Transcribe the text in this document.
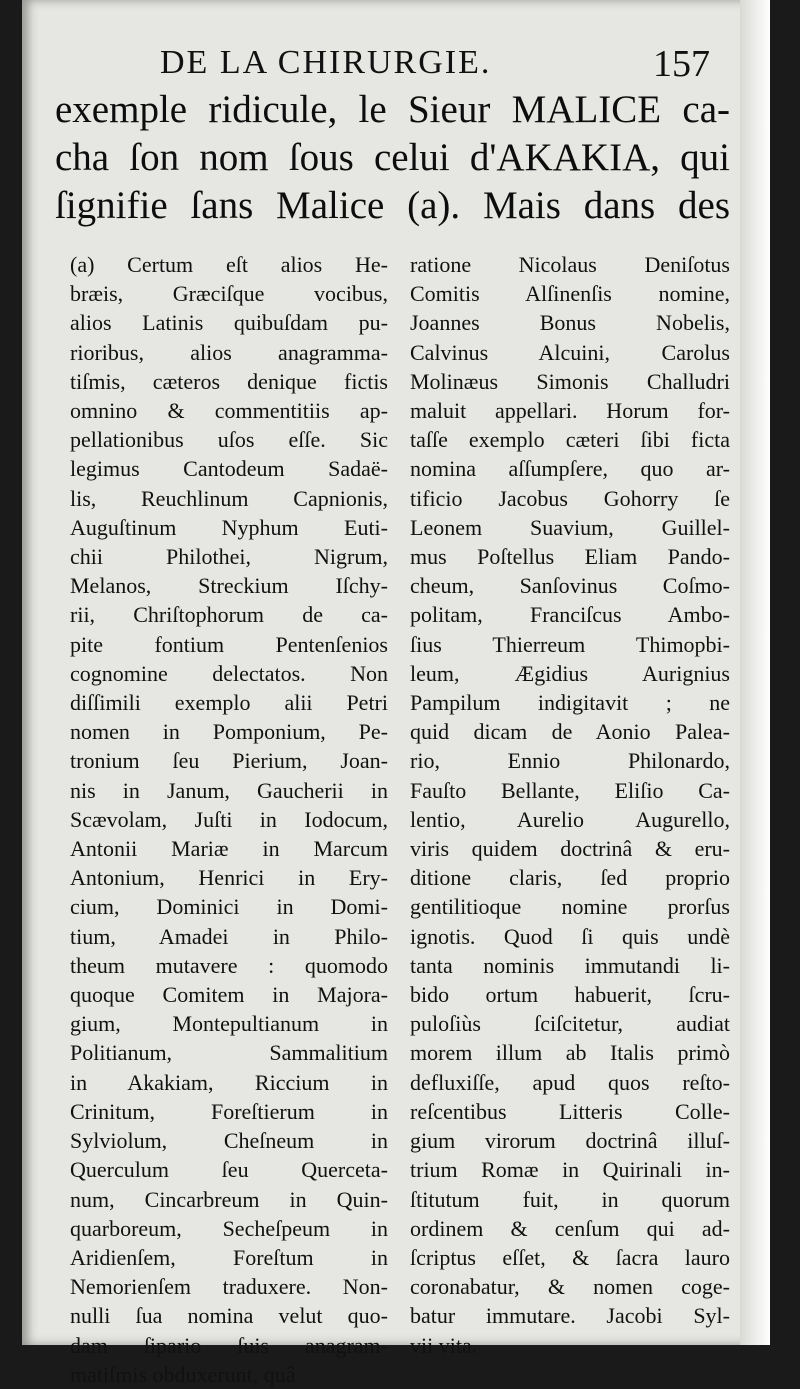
DE LA CHIRURGIE.	157
exemple ridicule, le Sieur MALICE ca-
cha ſon nom ſous celui d'AKAKIA, qui
ſignifie ſans Malice (a). Mais dans des
(a) Certum eſt alios He-
bræis, Græciſque vocibus,
alios Latinis quibuſdam pu-
rioribus, alios anagramma-
tiſmis, cæteros denique fictis
omnino & commentitiis ap-
pellationibus uſos eſſe. Sic
legimus Cantodeum Sadaë-
lis, Reuchlinum Capnionis,
Auguſtinum Nyphum Euti-
chii Philothei, Nigrum,
Melanos, Streckium Iſchy-
rii, Chriſtophorum de ca-
pite fontium Pentenſenios
cognomine delectatos. Non
diſſimili exemplo alii Petri
nomen in Pomponium, Pe-
tronium ſeu Pierium, Joan-
nis in Janum, Gaucherii in
Scævolam, Juſti in Iodocum,
Antonii Mariæ in Marcum
Antonium, Henrici in Ery-
cium, Dominici in Domi-
tium, Amadei in Philo-
theum mutavere : quomodo
quoque Comitem in Majora-
gium, Montepultianum in
Politianum, Sammalitium
in Akakiam, Riccium in
Crinitum, Foreſtierum in
Sylviolum, Cheſneum in
Querculum ſeu Querceta-
num, Cincarbreum in Quin-
quarboreum, Secheſpeum in
Aridienſem, Foreſtum in
Nemorienſem traduxere. Non-
nulli ſua nomina velut quo-
dam ſipario ſuis anagram-
matiſmis obduxerunt, quâ
ratione Nicolaus Deniſotus
Comitis Alſinenſis nomine,
Joannes Bonus Nobelis,
Calvinus Alcuini, Carolus
Molinæus Simonis Challudri
maluit appellari. Horum for-
taſſe exemplo cæteri ſibi ficta
nomina aſſumpſere, quo ar-
tificio Jacobus Gohorry ſe
Leonem Suavium, Guillel-
mus Poſtellus Eliam Pando-
cheum, Sanſovinus Coſmo-
politam, Franciſcus Ambo-
ſius Thierreum Thimopbi-
leum, Ægidius Aurignius
Pampilum indigitavit ; ne
quid dicam de Aonio Palea-
rio, Ennio Philonardo,
Fauſto Bellante, Eliſio Ca-
lentio, Aurelio Augurello,
viris quidem doctrinâ & eru-
ditione claris, ſed proprio
gentilitioque nomine prorſus
ignotis. Quod ſi quis undè
tanta nominis immutandi li-
bido ortum habuerit, ſcru-
puloſiùs ſciſcitetur, audiat
morem illum ab Italis primò
defluxiſſe, apud quos reſto-
reſcentibus Litteris Colle-
gium virorum doctrinâ illuſ-
trium Romæ in Quirinali in-
ſtitutum fuit, in quorum
ordinem & cenſum qui ad-
ſcriptus eſſet, & ſacra lauro
coronabatur, & nomen coge-
batur immutare. Jacobi Syl-
vii vita.
